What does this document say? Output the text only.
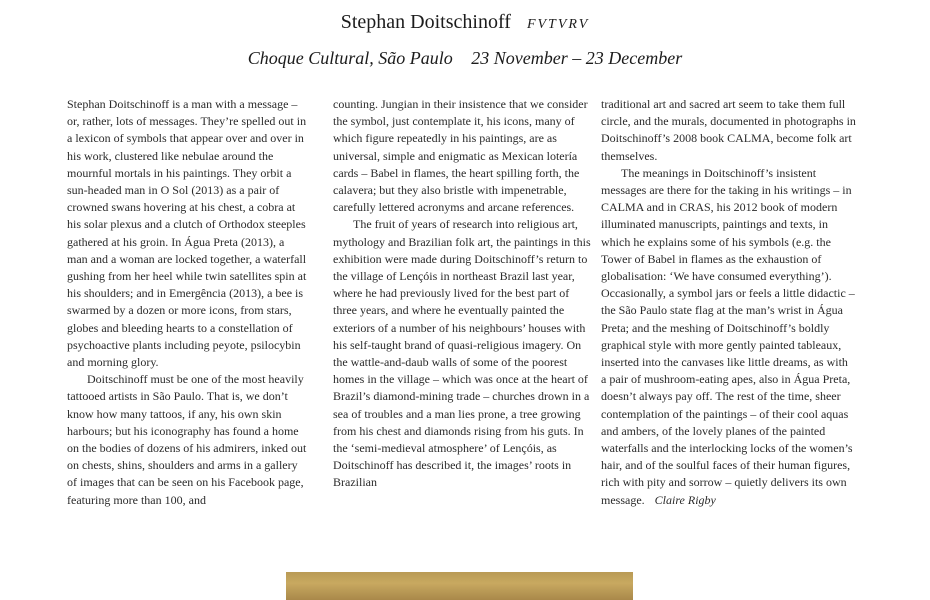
Stephan Doitschinoff FVTVRV
Choque Cultural, São Paulo 23 November – 23 December

Stephan Doitschinoff is a man with a message – or, rather, lots of messages. They’re spelled out in a lexicon of symbols that appear over and over in his work, clustered like nebulae around the mournful mortals in his paintings. They orbit a sun-headed man in O Sol (2013) as a pair of crowned swans hovering at his chest, a cobra at his solar plexus and a clutch of Orthodox steeples gathered at his groin. In Água Preta (2013), a man and a woman are locked together, a waterfall gushing from her heel while twin satellites spin at his shoulders; and in Emergência (2013), a bee is swarmed by a dozen or more icons, from stars, globes and bleeding hearts to a constellation of psychoactive plants including peyote, psilocybin and morning glory.

Doitschinoff must be one of the most heavily tattooed artists in São Paulo. That is, we don’t know how many tattoos, if any, his own skin harbours; but his iconography has found a home on the bodies of dozens of his admirers, inked out on chests, shins, shoulders and arms in a gallery of images that can be seen on his Facebook page, featuring more than 100, and

counting. Jungian in their insistence that we consider the symbol, just contemplate it, his icons, many of which figure repeatedly in his paintings, are as universal, simple and enigmatic as Mexican lotería cards – Babel in flames, the heart spilling forth, the calavera; but they also bristle with impenetrable, carefully lettered acronyms and arcane references.

The fruit of years of research into religious art, mythology and Brazilian folk art, the paintings in this exhibition were made during Doitschinoff’s return to the village of Lençóis in northeast Brazil last year, where he had previously lived for the best part of three years, and where he eventually painted the exteriors of a number of his neighbours’ houses with his self-taught brand of quasi-religious imagery. On the wattle-and-daub walls of some of the poorest homes in the village – which was once at the heart of Brazil’s diamond-mining trade – churches drown in a sea of troubles and a man lies prone, a tree growing from his chest and diamonds rising from his guts. In the ‘semi-medieval atmosphere’ of Lençóis, as Doitschinoff has described it, the images’ roots in Brazilian

traditional art and sacred art seem to take them full circle, and the murals, documented in photographs in Doitschinoff’s 2008 book CALMA, become folk art themselves.

The meanings in Doitschinoff’s insistent messages are there for the taking in his writings – in CALMA and in CRAS, his 2012 book of modern illuminated manuscripts, paintings and texts, in which he explains some of his symbols (e.g. the Tower of Babel in flames as the exhaustion of globalisation: ‘We have consumed everything’). Occasionally, a symbol jars or feels a little didactic – the São Paulo state flag at the man’s wrist in Água Preta; and the meshing of Doitschinoff’s boldly graphical style with more gently painted tableaux, inserted into the canvases like little dreams, as with a pair of mushroom-eating apes, also in Água Preta, doesn’t always pay off. The rest of the time, sheer contemplation of the paintings – of their cool aquas and ambers, of the lovely planes of the painted waterfalls and the interlocking locks of the women’s hair, and of the soulful faces of their human figures, rich with pity and sorrow – quietly delivers its own message. Claire Rigby
